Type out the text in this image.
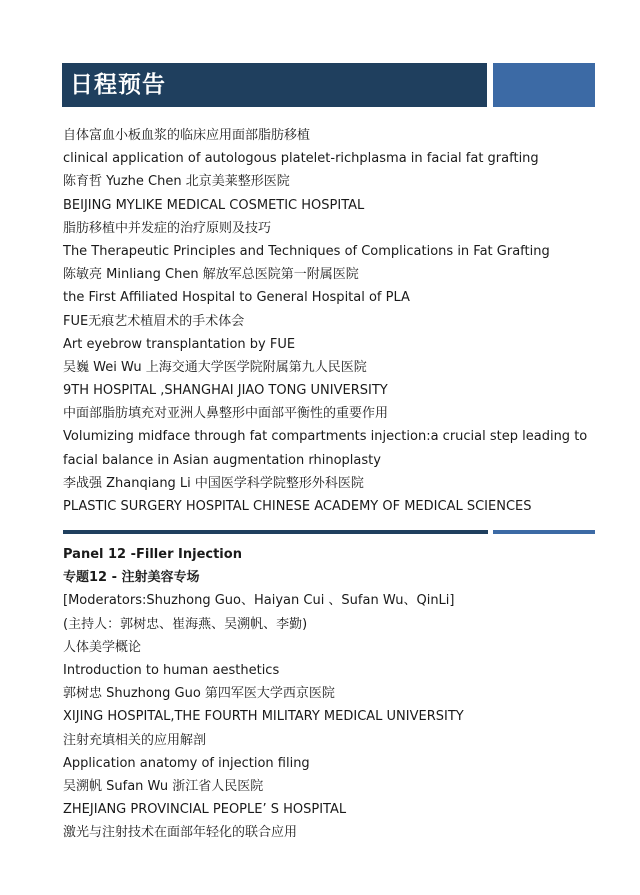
日程预告
自体富血小板血浆的临床应用面部脂肪移植
clinical application of autologous platelet-richplasma in facial fat grafting
陈育哲 Yuzhe Chen 北京美莱整形医院
BEIJING MYLIKE MEDICAL COSMETIC HOSPITAL
脂肪移植中并发症的治疗原则及技巧
The Therapeutic Principles and Techniques of Complications in Fat Grafting
陈敏亮 Minliang Chen 解放军总医院第一附属医院
the First Affiliated Hospital to General Hospital of PLA
FUE无痕艺术植眉术的手术体会
Art eyebrow transplantation by FUE
吴巍 Wei Wu 上海交通大学医学院附属第九人民医院
9TH HOSPITAL ,SHANGHAI JIAO TONG UNIVERSITY
中面部脂肪填充对亚洲人鼻整形中面部平衡性的重要作用
Volumizing midface through fat compartments injection:a crucial step leading to
facial balance in Asian augmentation rhinoplasty
李战强 Zhanqiang Li 中国医学科学院整形外科医院
PLASTIC SURGERY HOSPITAL CHINESE ACADEMY OF MEDICAL SCIENCES
Panel 12 -Filler Injection
专题12 - 注射美容专场
[Moderators:Shuzhong Guo、Haiyan Cui 、Sufan Wu、QinLi]
(主持人：郭树忠、崔海燕、吴溯帆、李勤)
人体美学概论
Introduction to human aesthetics
郭树忠 Shuzhong Guo 第四军医大学西京医院
XIJING HOSPITAL,THE FOURTH MILITARY MEDICAL UNIVERSITY
注射充填相关的应用解剖
Application anatomy of injection filing
吴溯帆 Sufan Wu 浙江省人民医院
ZHEJIANG PROVINCIAL PEOPLE’ S HOSPITAL
激光与注射技术在面部年轻化的联合应用
